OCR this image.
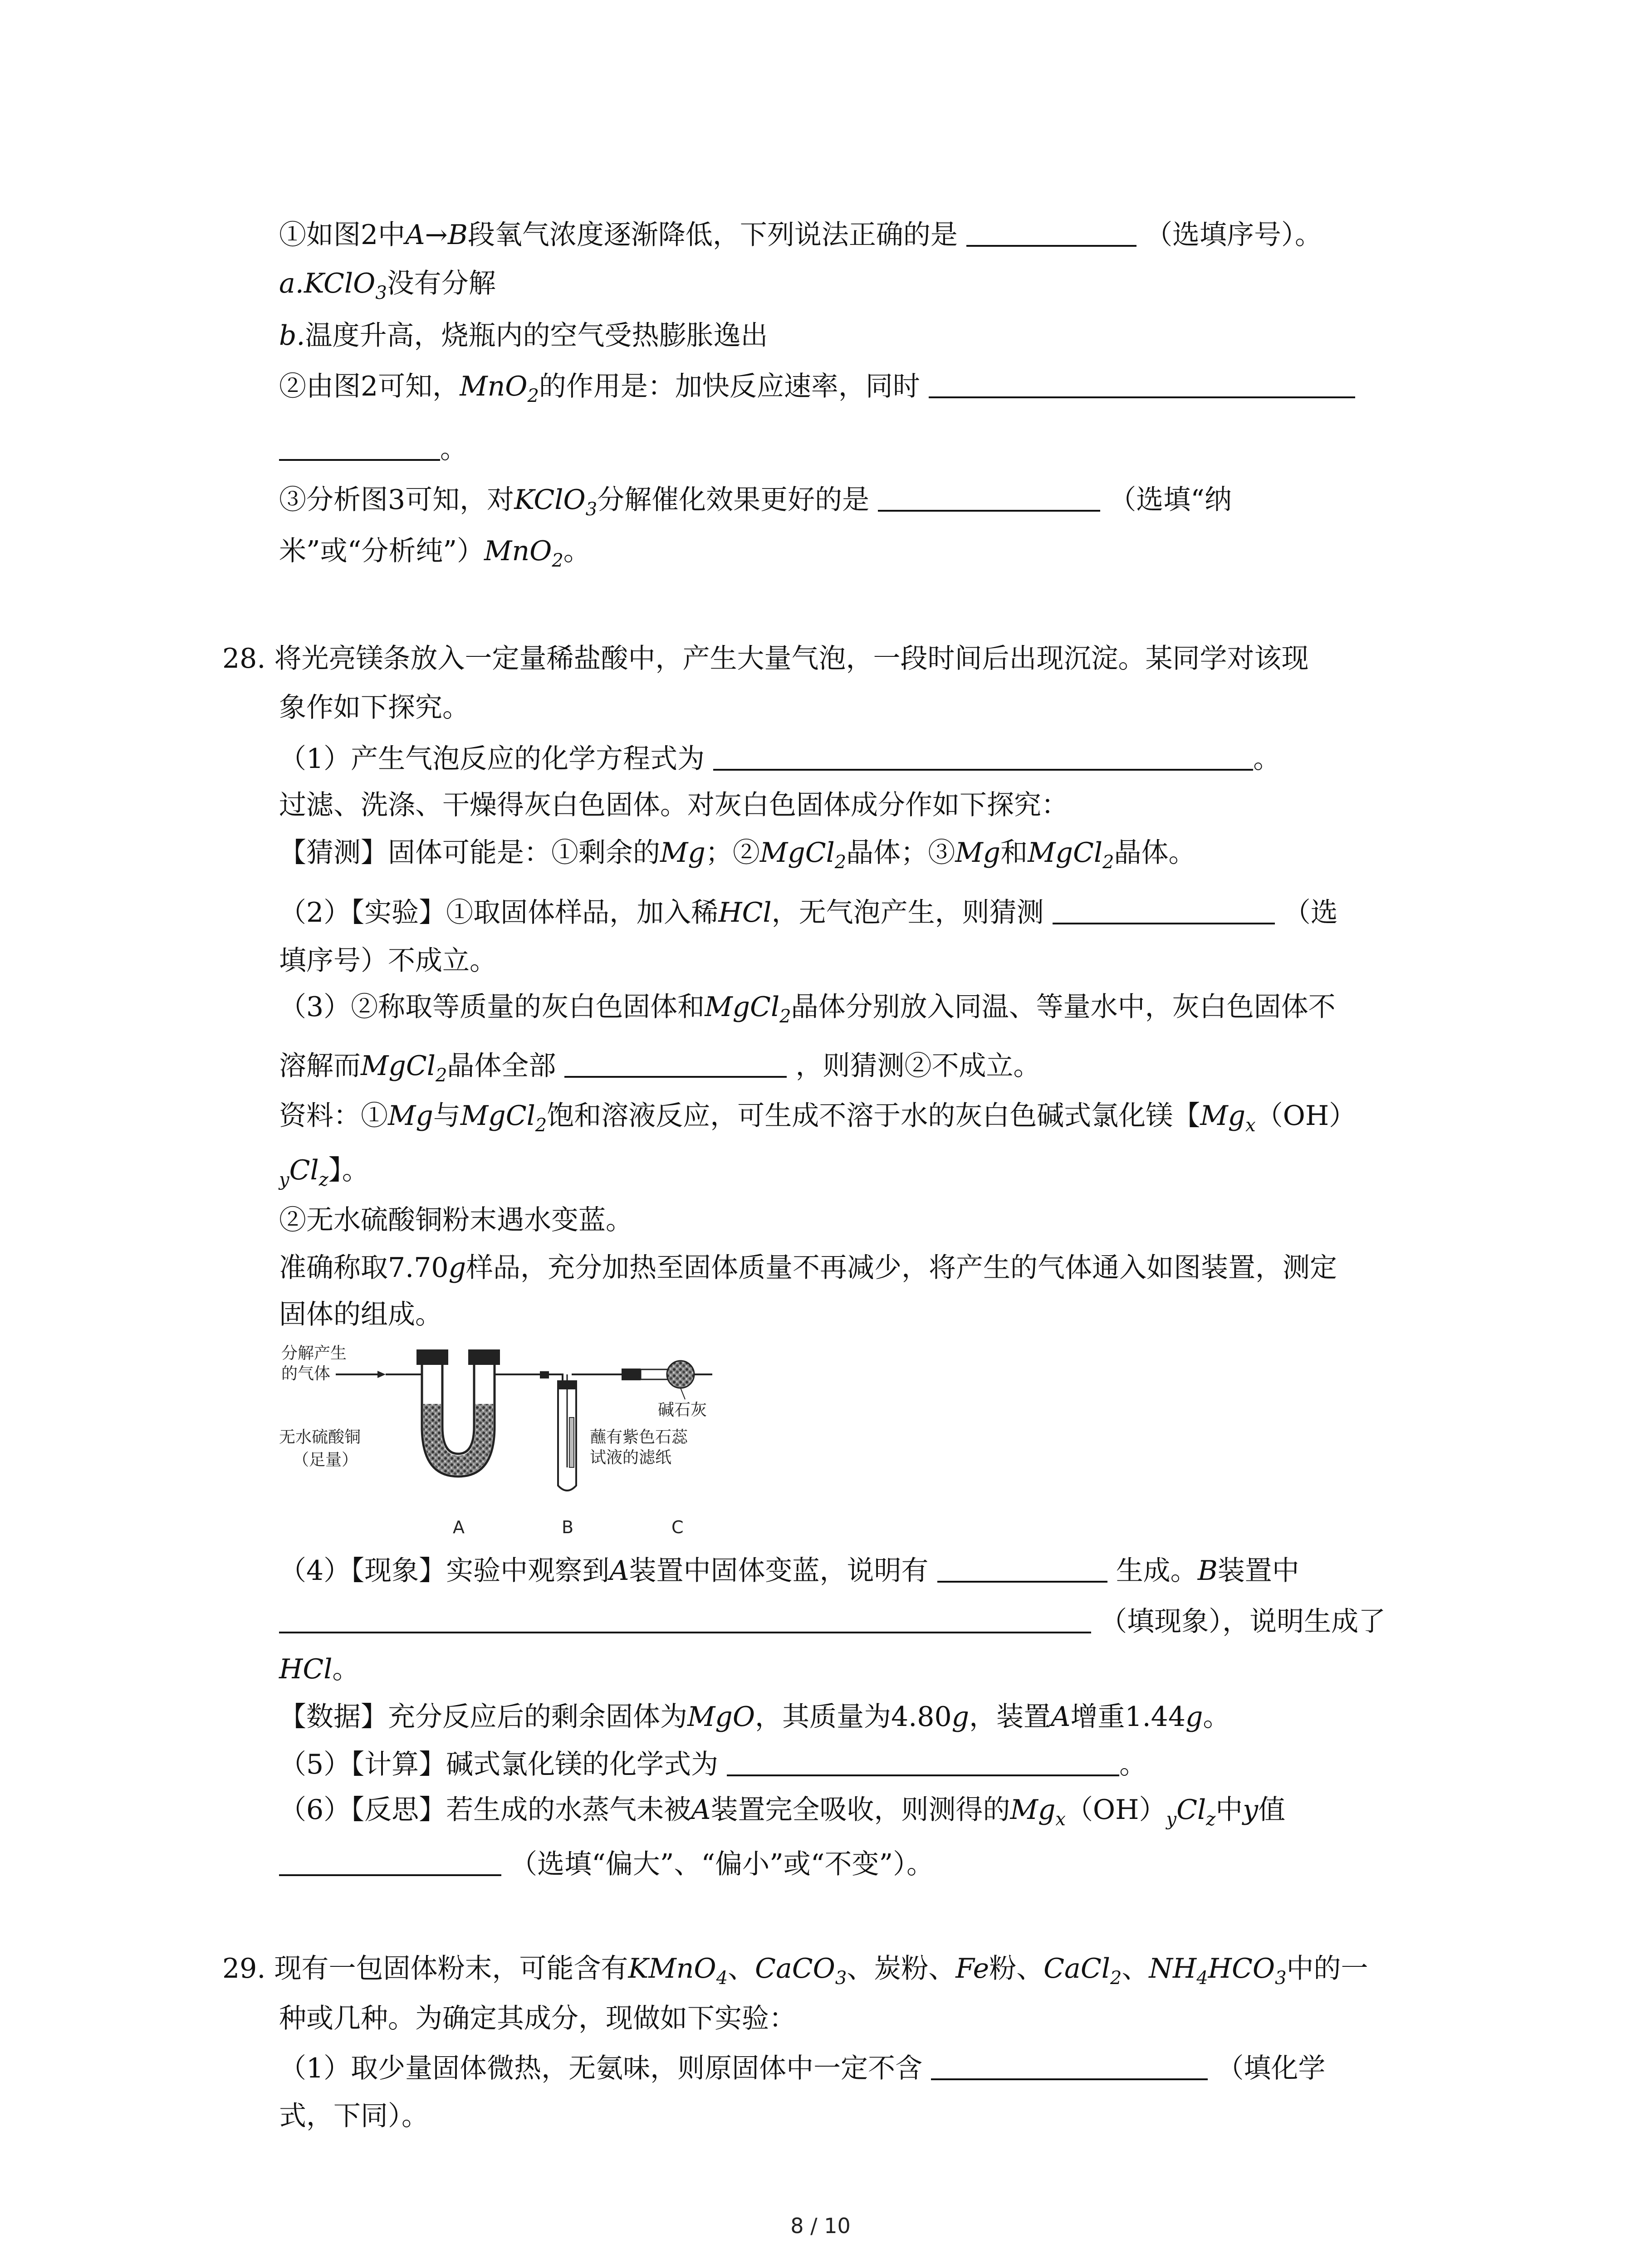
①如图2中A→B段氧气浓度逐渐降低，下列说法正确的是	（选填序号）。
a.KClO$_3$没有分解
b.温度升高，烧瓶内的空气受热膨胀逸出
②由图2可知，MnO$_2$的作用是：加快反应速率，同时
。
③分析图3可知，对KClO$_3$分解催化效果更好的是	（选填“纳
米”或“分析纯”）MnO$_2$。
28. 将光亮镁条放入一定量稀盐酸中，产生大量气泡，一段时间后出现沉淀。某同学对该现
象作如下探究。
（1）产生气泡反应的化学方程式为	。
过滤、洗涤、干燥得灰白色固体。对灰白色固体成分作如下探究：
【猜测】固体可能是：①剩余的Mg；②MgCl$_2$晶体；③Mg和MgCl$_2$晶体。
（2）【实验】①取固体样品，加入稀HCl，无气泡产生，则猜测	（选
填序号）不成立。
（3）②称取等质量的灰白色固体和MgCl$_2$晶体分别放入同温、等量水中，灰白色固体不
溶解而MgCl$_2$晶体全部	，则猜测②不成立。
资料：①Mg与MgCl$_2$饱和溶液反应，可生成不溶于水的灰白色碱式氯化镁【$Mg_x(OH)$
$_yCl_z$】。
②无水硫酸铜粉末遇水变蓝。
准确称取7.70g样品，充分加热至固体质量不再减少，将产生的气体通入如图装置，测定
固体的组成。
分解产生
的气体
碱石灰
无水硫酸铜
（足量）
蘸有紫色石蕊
试液的滤纸
A	B	C
（4）【现象】实验中观察到A装置中固体变蓝，说明有	生成。B装置中
（填现象），说明生成了
HCl。
【数据】充分反应后的剩余固体为MgO，其质量为4.80g，装置A增重1.44g。
（5）【计算】碱式氯化镁的化学式为	。
（6）【反思】若生成的水蒸气未被A装置完全吸收，则测得的$Mg_x(OH)_yCl_z$中y值
（选填“偏大”、“偏小”或“不变”）。
29. 现有一包固体粉末，可能含有KMnO$_4$、CaCO$_3$、炭粉、Fe粉、CaCl$_2$、$NH_4HCO_3$中的一
种或几种。为确定其成分，现做如下实验：
（1）取少量固体微热，无氨味，则原固体中一定不含	（填化学
式，下同）。
8 / 10
